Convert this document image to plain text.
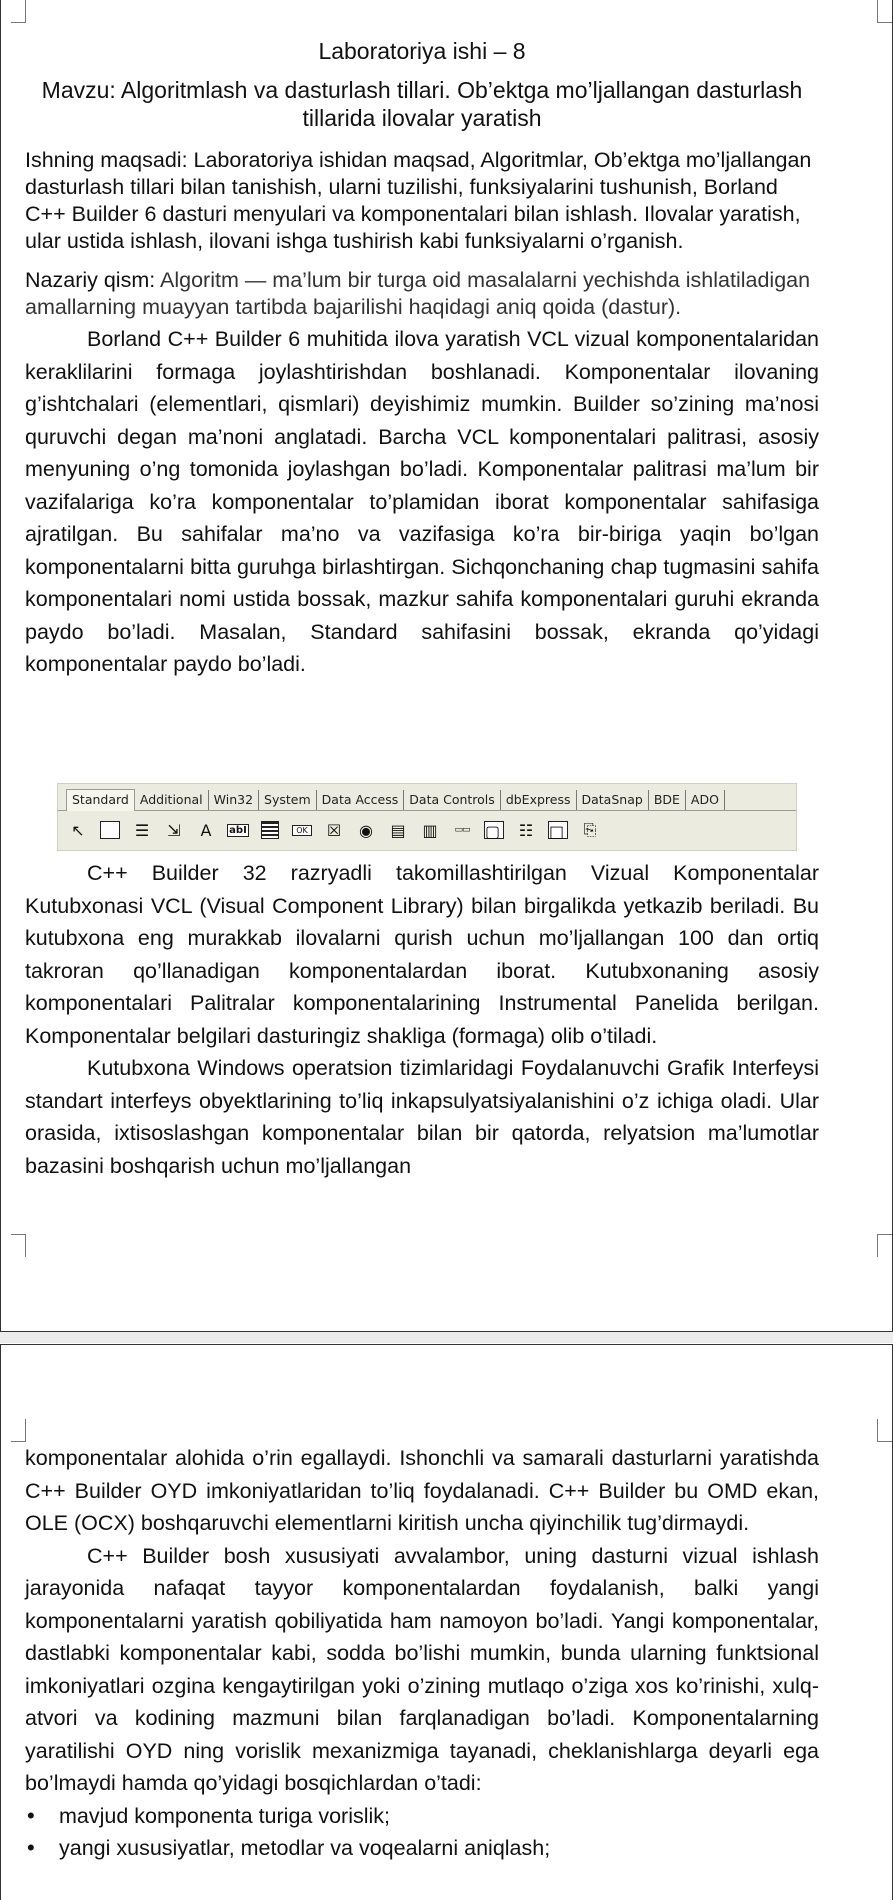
Laboratoriya ishi – 8

Mavzu: Algoritmlash va dasturlash tillari. Ob’ektga mo’ljallangan dasturlash tillarida ilovalar yaratish

Ishning maqsadi: Laboratoriya ishidan maqsad, Algoritmlar, Ob’ektga mo’ljallangan dasturlash tillari bilan tanishish, ularni tuzilishi, funksiyalarini tushunish, Borland C++ Builder 6 dasturi menyulari va komponentalari bilan ishlash. Ilovalar yaratish, ular ustida ishlash, ilovani ishga tushirish kabi funksiyalarni o’rganish.

Nazariy qism: Algoritm — ma’lum bir turga oid masalalarni yechishda ishlatiladigan amallarning muayyan tartibda bajarilishi haqidagi aniq qoida (dastur).

Borland C++ Builder 6 muhitida ilova yaratish VCL vizual komponentalaridan keraklilarini formaga joylashtirishdan boshlanadi. Komponentalar ilovaning g’ishtchalari (elementlari, qismlari) deyishimiz mumkin. Builder so’zining ma’nosi quruvchi degan ma’noni anglatadi. Barcha VCL komponentalari palitrasi, asosiy menyuning o’ng tomonida joylashgan bo’ladi. Komponentalar palitrasi ma’lum bir vazifalariga ko’ra komponentalar to’plamidan iborat komponentalar sahifasiga ajratilgan. Bu sahifalar ma’no va vazifasiga ko’ra bir-biriga yaqin bo’lgan komponentalarni bitta guruhga birlashtirgan. Sichqonchaning chap tugmasini sahifa komponentalari nomi ustida bossak, mazkur sahifa komponentalari guruhi ekranda paydo bo’ladi. Masalan, Standard sahifasini bossak, ekranda qo’yidagi komponentalar paydo bo’ladi.

Standard Additional Win32 System Data Access Data Controls dbExpress DataSnap BDE ADO
↖	☰ ⇲ A abI	OK ☒ ◉ ▤ ▥ ▭▭ ▢ ☷ □ ⎘

C++ Builder 32 razryadli takomillashtirilgan Vizual Komponentalar Kutubxonasi VCL (Visual Component Library) bilan birgalikda yetkazib beriladi. Bu kutubxona eng murakkab ilovalarni qurish uchun mo’ljallangan 100 dan ortiq takroran qo’llanadigan komponentalardan iborat. Kutubxonaning asosiy komponentalari Palitralar komponentalarining Instrumental Panelida berilgan. Komponentalar belgilari dasturingiz shakliga (formaga) olib o’tiladi.

Kutubxona Windows operatsion tizimlaridagi Foydalanuvchi Grafik Interfeysi standart interfeys obyektlarining to’liq inkapsulyatsiyalanishini o’z ichiga oladi. Ular orasida, ixtisoslashgan komponentalar bilan bir qatorda, relyatsion ma’lumotlar bazasini boshqarish uchun mo’ljallangan

komponentalar alohida o’rin egallaydi. Ishonchli va samarali dasturlarni yaratishda C++ Builder OYD imkoniyatlaridan to’liq foydalanadi. C++ Builder bu OMD ekan, OLE (OCX) boshqaruvchi elementlarni kiritish uncha qiyinchilik tug’dirmaydi.

C++ Builder bosh xususiyati avvalambor, uning dasturni vizual ishlash jarayonida nafaqat tayyor komponentalardan foydalanish, balki yangi komponentalarni yaratish qobiliyatida ham namoyon bo’ladi. Yangi komponentalar, dastlabki komponentalar kabi, sodda bo’lishi mumkin, bunda ularning funktsional imkoniyatlari ozgina kengaytirilgan yoki o’zining mutlaqo o’ziga xos ko’rinishi, xulq-atvori va kodining mazmuni bilan farqlanadigan bo’ladi. Komponentalarning yaratilishi OYD ning vorislik mexanizmiga tayanadi, cheklanishlarga deyarli ega bo’lmaydi hamda qo’yidagi bosqichlardan o’tadi:

• mavjud komponenta turiga vorislik;
• yangi xususiyatlar, metodlar va voqealarni aniqlash;
